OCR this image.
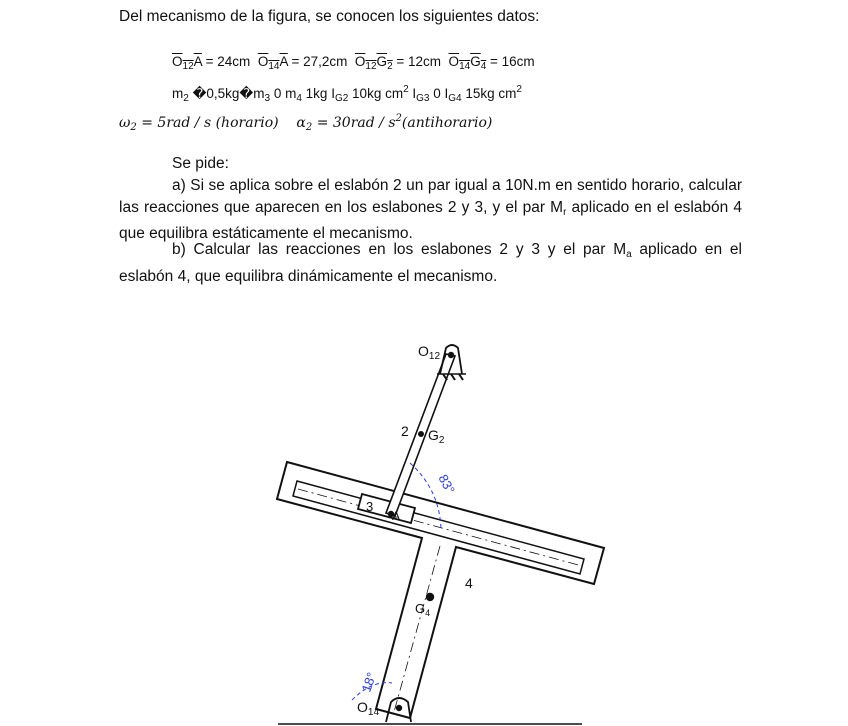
Del mecanismo de la figura, se conocen los siguientes datos:
$O_{12}A = 24cm$ $O_{14}A = 27,2cm$ $O_{12}G_2 = 12cm$ $O_{14}G_4 = 16cm$
$m_2$ $�0,5kg�m_3$ 0 $m_4$ 1kg $I_{G2}$ 10kg $cm^2$ $I_{G3}$ 0 $I_{G4}$ 15kg $cm^2$
$\omega_2 = 5rad / s$ (horario) $\alpha_2 = 30rad$ / $s^2(antihorario)$
Se pide:
a) Si se aplica sobre el eslabón 2 un par igual a 10N.m en sentido horario, calcular las reacciones que aparecen en los eslabones 2 y 3, y el par $M_r$ aplicado en el eslabón 4 que equilibra estáticamente el mecanismo.
b) Calcular las reacciones en los eslabones 2 y 3 y el par $M_a$ aplicado en el eslabón 4, que equilibra dinámicamente el mecanismo.
$O_{12}$
2 $G_2$
3
A
4
$G_4$
$O_{14}$
83°
18°
